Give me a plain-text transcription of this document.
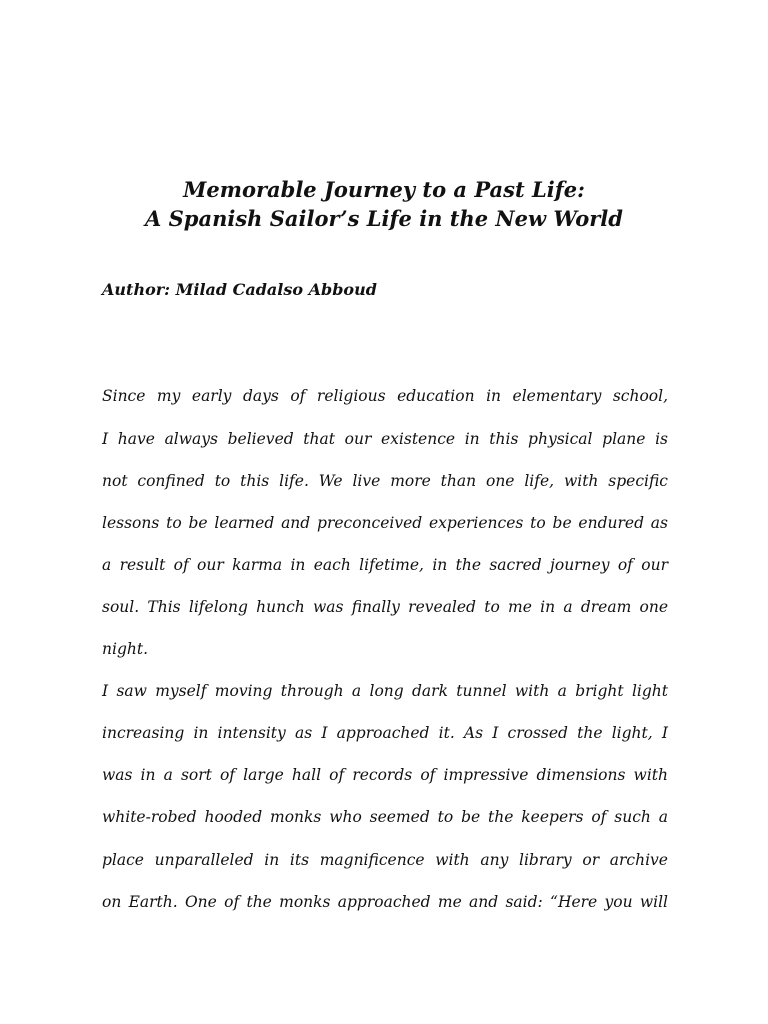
Memorable Journey to a Past Life:
A Spanish Sailor’s Life in the New World
Author: Milad Cadalso Abboud
Since my early days of religious education in elementary school,
I have always believed that our existence in this physical plane is
not confined to this life. We live more than one life, with specific
lessons to be learned and preconceived experiences to be endured as
a result of our karma in each lifetime, in the sacred journey of our
soul. This lifelong hunch was finally revealed to me in a dream one
night.
I saw myself moving through a long dark tunnel with a bright light
increasing in intensity as I approached it. As I crossed the light, I
was in a sort of large hall of records of impressive dimensions with
white-robed hooded monks who seemed to be the keepers of such a
place unparalleled in its magnificence with any library or archive
on Earth. One of the monks approached me and said: “Here you will
